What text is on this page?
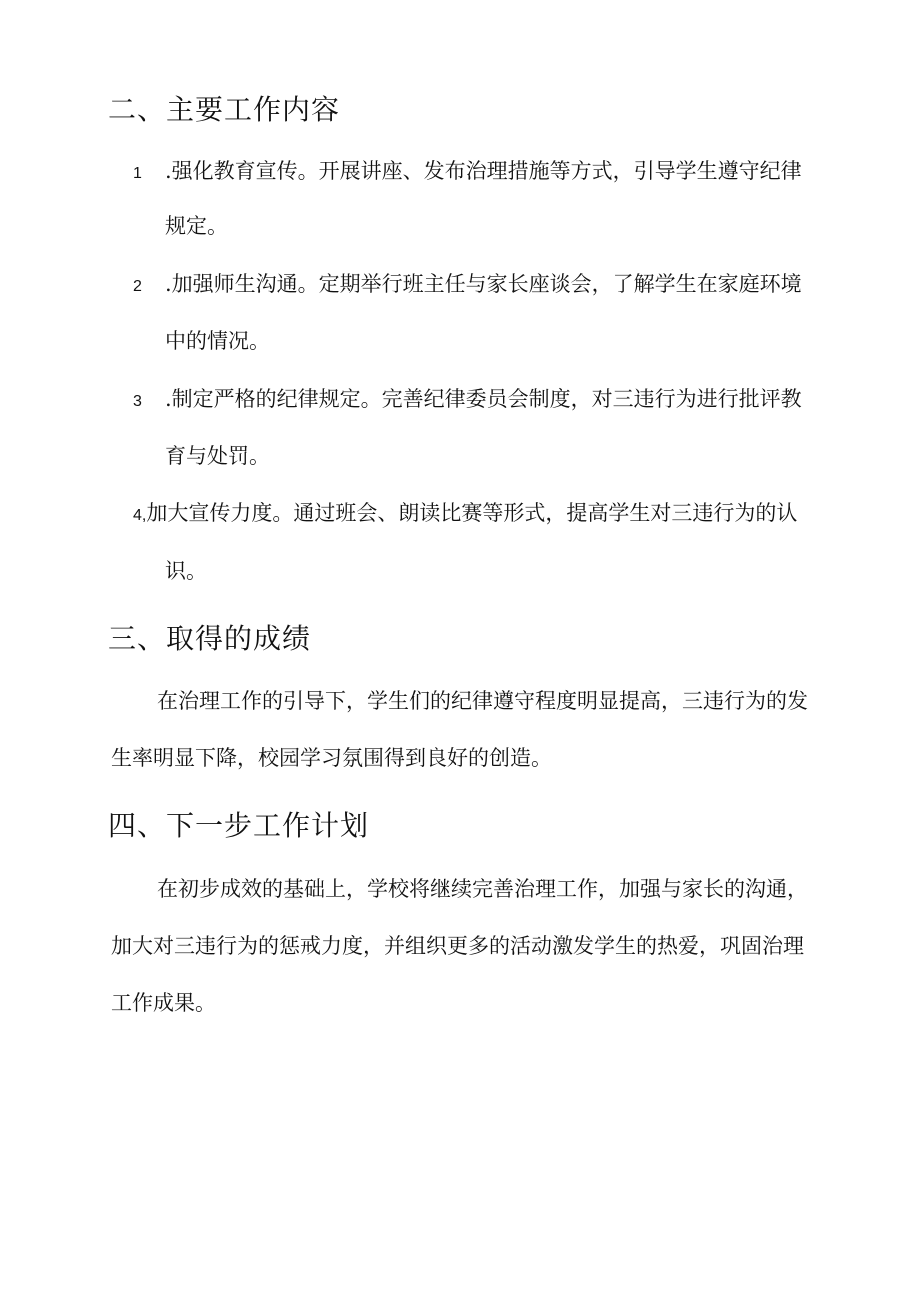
二、主要工作内容
1 .强化教育宣传。开展讲座、发布治理措施等方式，引导学生遵守纪律
规定。
2 .加强师生沟通。定期举行班主任与家长座谈会，了解学生在家庭环境
中的情况。
3 .制定严格的纪律规定。完善纪律委员会制度，对三违行为进行批评教
育与处罚。
4,加大宣传力度。通过班会、朗读比赛等形式，提高学生对三违行为的认
识。
三、取得的成绩
在治理工作的引导下，学生们的纪律遵守程度明显提高，三违行为的发
生率明显下降，校园学习氛围得到良好的创造。
四、下一步工作计划
在初步成效的基础上，学校将继续完善治理工作，加强与家长的沟通，
加大对三违行为的惩戒力度，并组织更多的活动激发学生的热爱，巩固治理
工作成果。
